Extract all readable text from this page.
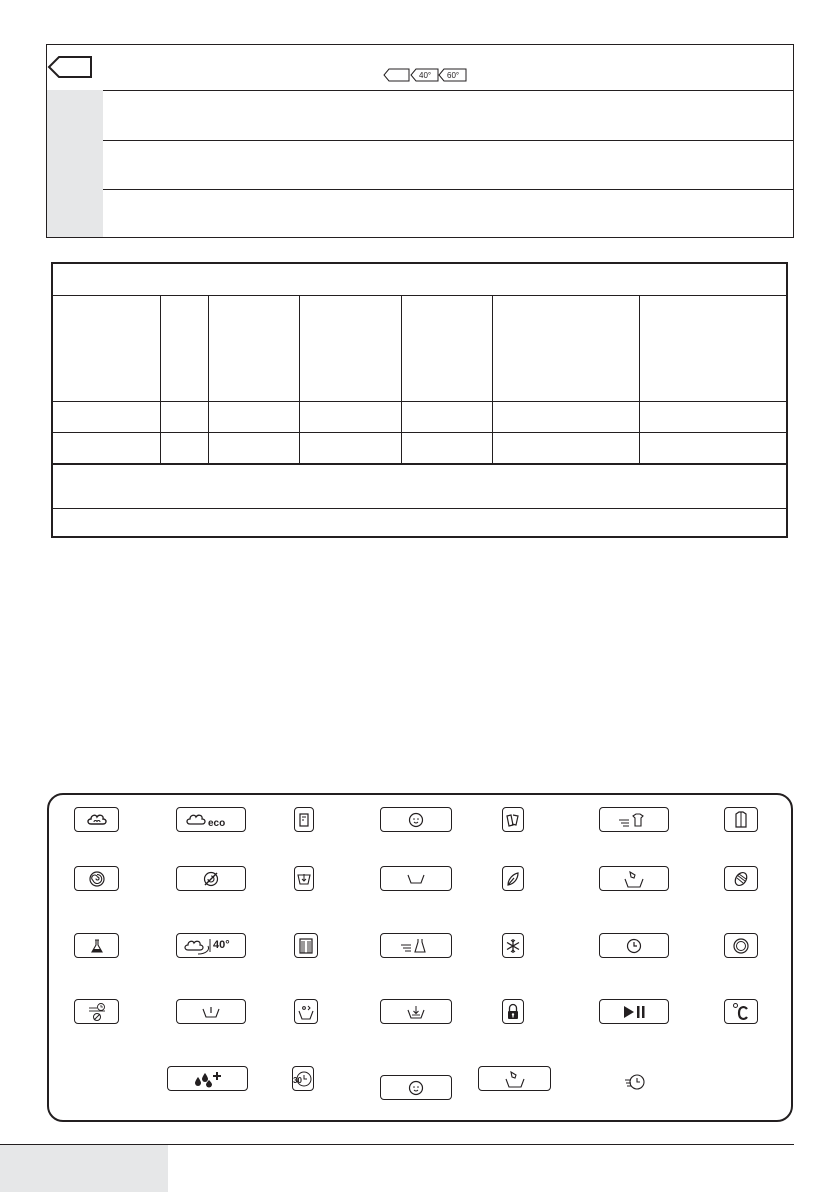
40° 60°
eco
40°
30
